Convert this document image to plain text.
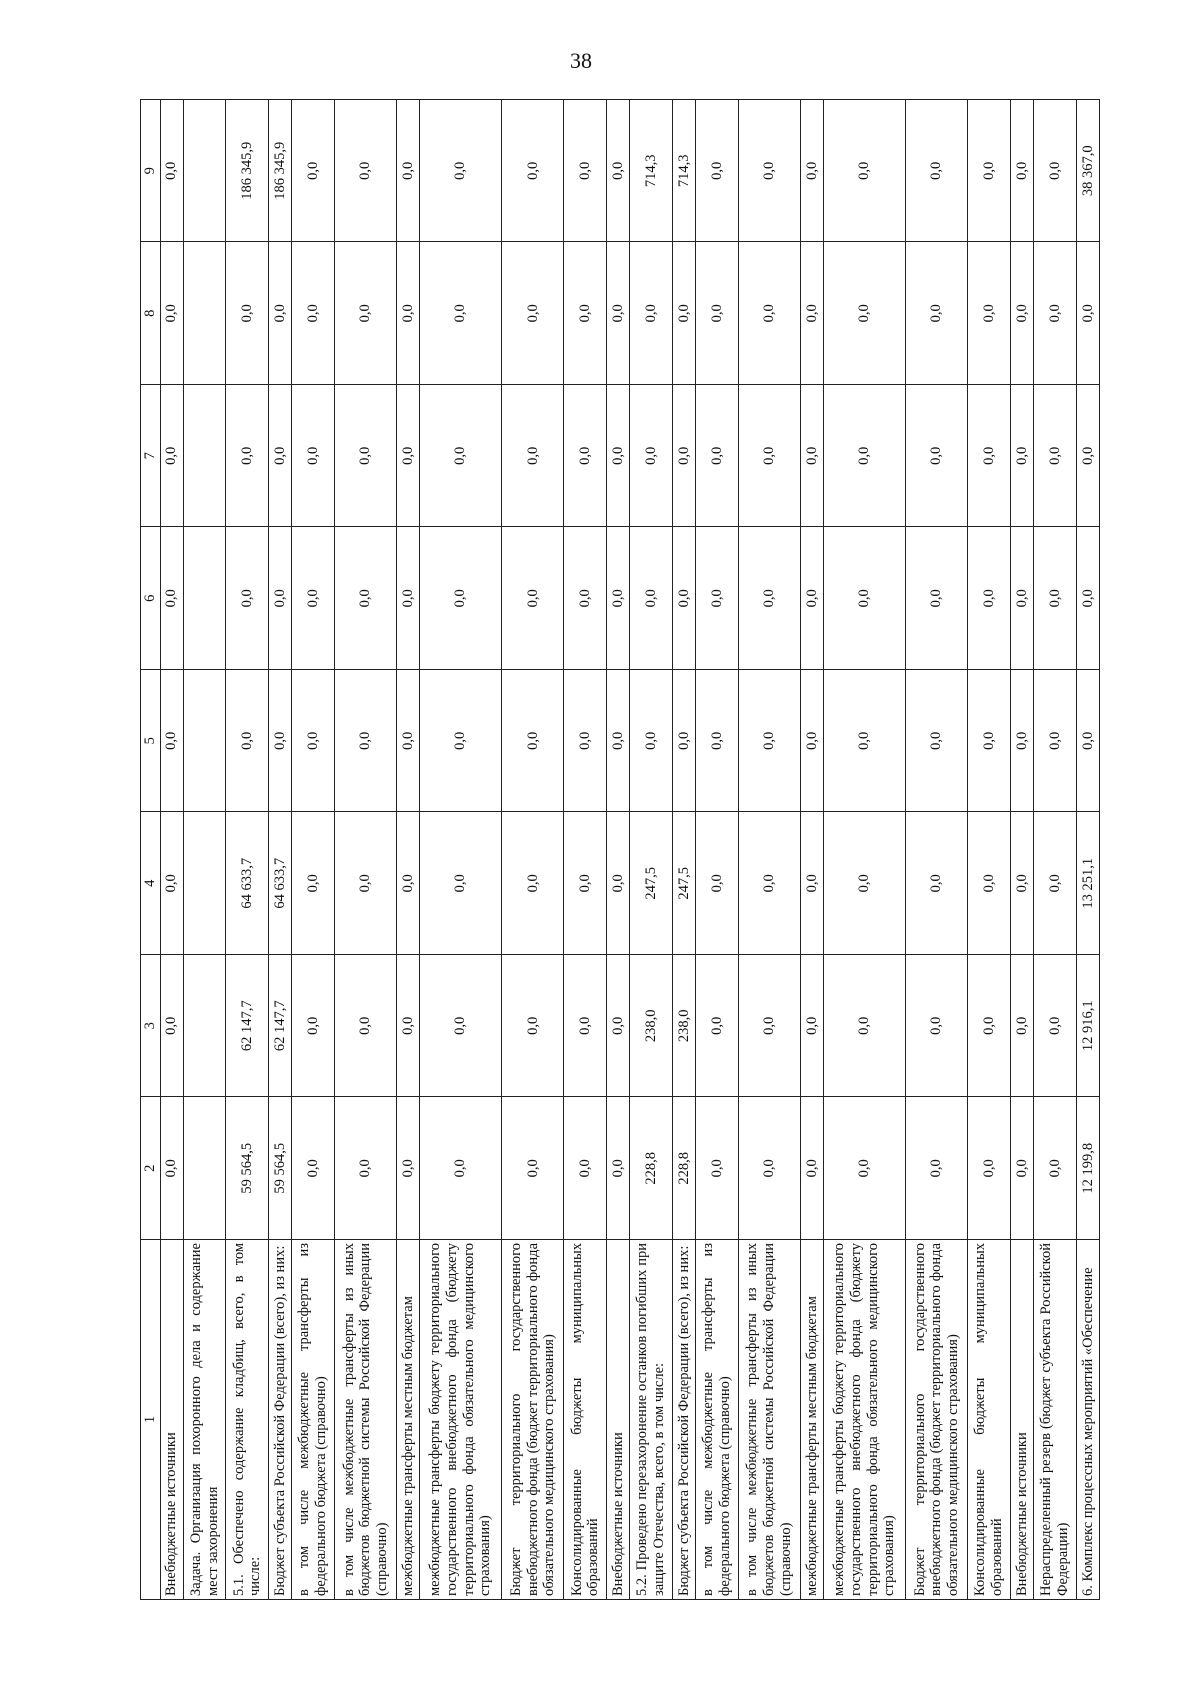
38
1	2	3	4	5	6	7	8	9
Внебюджетные источники	0,0	0,0	0,0	0,0	0,0	0,0	0,0	0,0
Задача. Организация похоронного дела и содержание мест захоронения								
5.1. Обеспечено содержание кладбищ, всего, в том числе:	59 564,5	62 147,7	64 633,7	0,0	0,0	0,0	0,0	186 345,9
Бюджет субъекта Российской Федерации (всего), из них:	59 564,5	62 147,7	64 633,7	0,0	0,0	0,0	0,0	186 345,9
в том числе межбюджетные трансферты из федерального бюджета (справочно)	0,0	0,0	0,0	0,0	0,0	0,0	0,0	0,0
в том числе межбюджетные трансферты из иных бюджетов бюджетной системы Российской Федерации (справочно)	0,0	0,0	0,0	0,0	0,0	0,0	0,0	0,0
межбюджетные трансферты местным бюджетам	0,0	0,0	0,0	0,0	0,0	0,0	0,0	0,0
межбюджетные трансферты бюджету территориального государственного внебюджетного фонда (бюджету территориального фонда обязательного медицинского страхования)	0,0	0,0	0,0	0,0	0,0	0,0	0,0	0,0
Бюджет территориального государственного внебюджетного фонда (бюджет территориального фонда обязательного медицинского страхования)	0,0	0,0	0,0	0,0	0,0	0,0	0,0	0,0
Консолидированные бюджеты муниципальных образований	0,0	0,0	0,0	0,0	0,0	0,0	0,0	0,0
Внебюджетные источники	0,0	0,0	0,0	0,0	0,0	0,0	0,0	0,0
5.2. Проведено перезахоронение останков погибших при защите Отечества, всего, в том числе:	228,8	238,0	247,5	0,0	0,0	0,0	0,0	714,3
Бюджет субъекта Российской Федерации (всего), из них:	228,8	238,0	247,5	0,0	0,0	0,0	0,0	714,3
в том числе межбюджетные трансферты из федерального бюджета (справочно)	0,0	0,0	0,0	0,0	0,0	0,0	0,0	0,0
в том числе межбюджетные трансферты из иных бюджетов бюджетной системы Российской Федерации (справочно)	0,0	0,0	0,0	0,0	0,0	0,0	0,0	0,0
межбюджетные трансферты местным бюджетам	0,0	0,0	0,0	0,0	0,0	0,0	0,0	0,0
межбюджетные трансферты бюджету территориального государственного внебюджетного фонда (бюджету территориального фонда обязательного медицинского страхования)	0,0	0,0	0,0	0,0	0,0	0,0	0,0	0,0
Бюджет территориального государственного внебюджетного фонда (бюджет территориального фонда обязательного медицинского страхования)	0,0	0,0	0,0	0,0	0,0	0,0	0,0	0,0
Консолидированные бюджеты муниципальных образований	0,0	0,0	0,0	0,0	0,0	0,0	0,0	0,0
Внебюджетные источники	0,0	0,0	0,0	0,0	0,0	0,0	0,0	0,0
Нераспределенный резерв (бюджет субъекта Российской Федерации)	0,0	0,0	0,0	0,0	0,0	0,0	0,0	0,0
6. Комплекс процессных мероприятий «Обеспечение	12 199,8	12 916,1	13 251,1	0,0	0,0	0,0	0,0	38 367,0
